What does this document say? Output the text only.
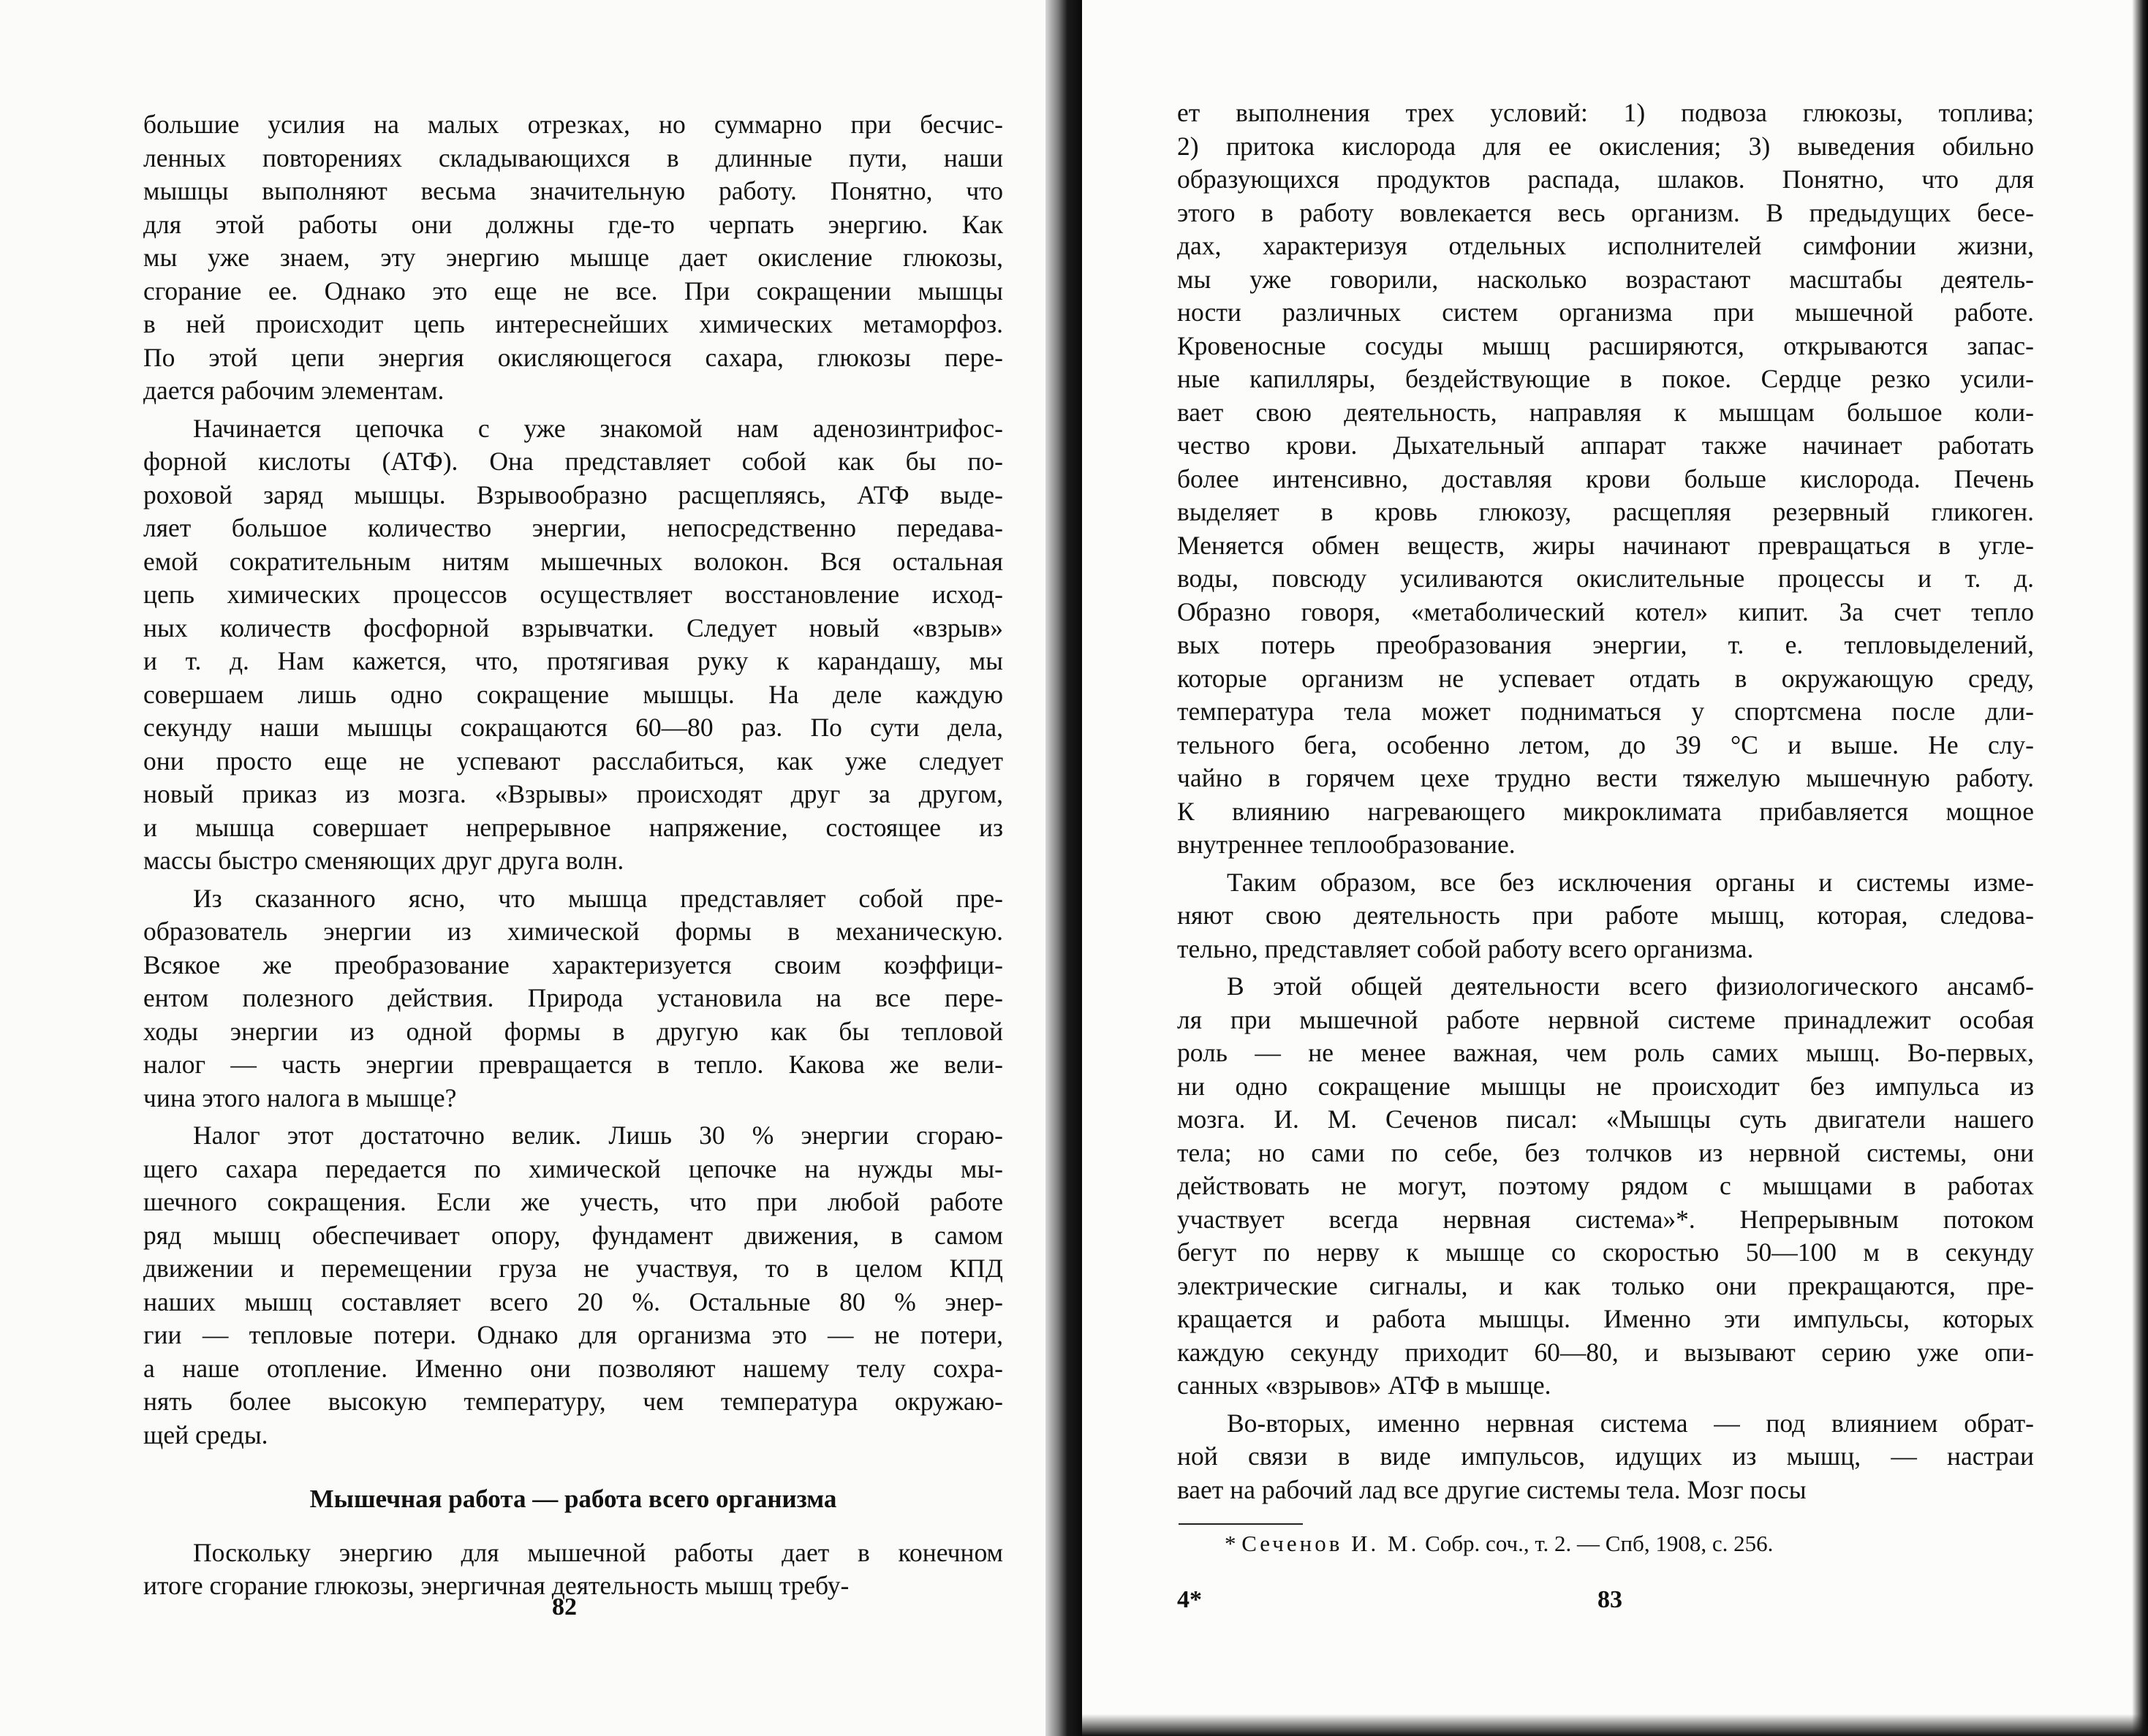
большие усилия на малых отрезках, но суммарно при бесчис-
ленных повторениях складывающихся в длинные пути, наши
мышцы выполняют весьма значительную работу. Понятно, что
для этой работы они должны где-то черпать энергию. Как
мы уже знаем, эту энергию мышце дает окисление глюкозы,
сгорание ее. Однако это еще не все. При сокращении мышцы
в ней происходит цепь интереснейших химических метаморфоз.
По этой цепи энергия окисляющегося сахара, глюкозы пере-
дается рабочим элементам.
Начинается цепочка с уже знакомой нам аденозинтрифос-
форной кислоты (АТФ). Она представляет собой как бы по-
роховой заряд мышцы. Взрывообразно расщепляясь, АТФ выде-
ляет большое количество энергии, непосредственно передава-
емой сократительным нитям мышечных волокон. Вся остальная
цепь химических процессов осуществляет восстановление исход-
ных количеств фосфорной взрывчатки. Следует новый «взрыв»
и т. д. Нам кажется, что, протягивая руку к карандашу, мы
совершаем лишь одно сокращение мышцы. На деле каждую
секунду наши мышцы сокращаются 60—80 раз. По сути дела,
они просто еще не успевают расслабиться, как уже следует
новый приказ из мозга. «Взрывы» происходят друг за другом,
и мышца совершает непрерывное напряжение, состоящее из
массы быстро сменяющих друг друга волн.
Из сказанного ясно, что мышца представляет собой пре-
образователь энергии из химической формы в механическую.
Всякое же преобразование характеризуется своим коэффици-
ентом полезного действия. Природа установила на все пере-
ходы энергии из одной формы в другую как бы тепловой
налог — часть энергии превращается в тепло. Какова же вели-
чина этого налога в мышце?
Налог этот достаточно велик. Лишь 30 % энергии сгораю-
щего сахара передается по химической цепочке на нужды мы-
шечного сокращения. Если же учесть, что при любой работе
ряд мышц обеспечивает опору, фундамент движения, в самом
движении и перемещении груза не участвуя, то в целом КПД
наших мышц составляет всего 20 %. Остальные 80 % энер-
гии — тепловые потери. Однако для организма это — не потери,
а наше отопление. Именно они позволяют нашему телу сохра-
нять более высокую температуру, чем температура окружаю-
щей среды.
Мышечная работа — работа всего организма
Поскольку энергию для мышечной работы дает в конечном
итоге сгорание глюкозы, энергичная деятельность мышц требу-
82
ет выполнения трех условий: 1) подвоза глюкозы, топлива;
2) притока кислорода для ее окисления; 3) выведения обильно
образующихся продуктов распада, шлаков. Понятно, что для
этого в работу вовлекается весь организм. В предыдущих бесе-
дах, характеризуя отдельных исполнителей симфонии жизни,
мы уже говорили, насколько возрастают масштабы деятель-
ности различных систем организма при мышечной работе.
Кровеносные сосуды мышц расширяются, открываются запас-
ные капилляры, бездействующие в покое. Сердце резко усили-
вает свою деятельность, направляя к мышцам большое коли-
чество крови. Дыхательный аппарат также начинает работать
более интенсивно, доставляя крови больше кислорода. Печень
выделяет в кровь глюкозу, расщепляя резервный гликоген.
Меняется обмен веществ, жиры начинают превращаться в угле-
воды, повсюду усиливаются окислительные процессы и т. д.
Образно говоря, «метаболический котел» кипит. За счет тепло
вых потерь преобразования энергии, т. е. тепловыделений,
которые организм не успевает отдать в окружающую среду,
температура тела может подниматься у спортсмена после дли-
тельного бега, особенно летом, до 39 °С и выше. Не слу-
чайно в горячем цехе трудно вести тяжелую мышечную работу.
К влиянию нагревающего микроклимата прибавляется мощное
внутреннее теплообразование.
Таким образом, все без исключения органы и системы изме-
няют свою деятельность при работе мышц, которая, следова-
тельно, представляет собой работу всего организма.
В этой общей деятельности всего физиологического ансамб-
ля при мышечной работе нервной системе принадлежит особая
роль — не менее важная, чем роль самих мышц. Во-первых,
ни одно сокращение мышцы не происходит без импульса из
мозга. И. М. Сеченов писал: «Мышцы суть двигатели нашего
тела; но сами по себе, без толчков из нервной системы, они
действовать не могут, поэтому рядом с мышцами в работах
участвует всегда нервная система»*. Непрерывным потоком
бегут по нерву к мышце со скоростью 50—100 м в секунду
электрические сигналы, и как только они прекращаются, пре-
кращается и работа мышцы. Именно эти импульсы, которых
каждую секунду приходит 60—80, и вызывают серию уже опи-
санных «взрывов» АТФ в мышце.
Во-вторых, именно нервная система — под влиянием обрат-
ной связи в виде импульсов, идущих из мышц, — настраи
вает на рабочий лад все другие системы тела. Мозг посы
* Сеченов И. М. Собр. соч., т. 2. — Спб, 1908, с. 256.
4*	83
